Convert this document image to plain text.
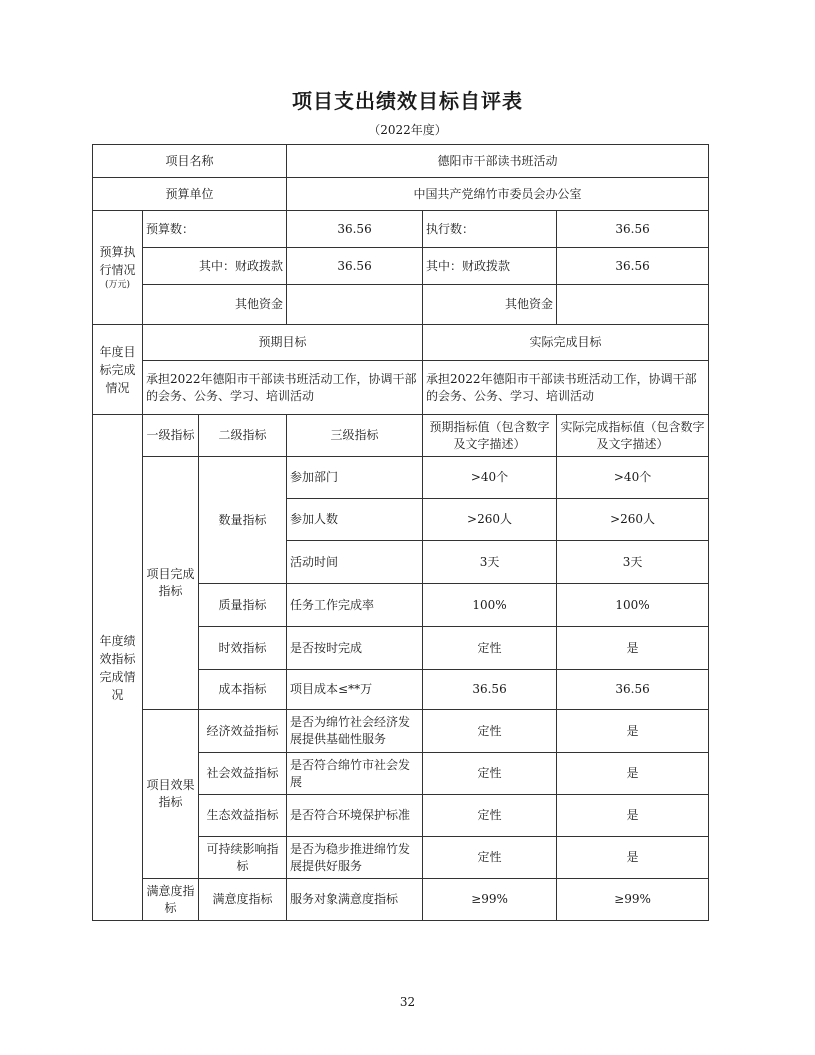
项目支出绩效目标自评表
（2022年度）
项目名称			德阳市干部读书班活动		
预算单位			中国共产党绵竹市委员会办公室		

预算执行情况
(万元)	预算数：		36.56	执行数：	36.56
	其中：财政拨款		36.56	其中：财政拨款	36.56
	其他资金			其他资金	
年度目标完成情况	预期目标			实际完成目标	
	承担2022年德阳市干部读书班活动工作，协调干部的会务、公务、学习、培训活动			承担2022年德阳市干部读书班活动工作，协调干部的会务、公务、学习、培训活动	
年度绩效指标完成情况	一级指标	二级指标	三级指标	预期指标值（包含数字及文字描述）	实际完成指标值（包含数字及文字描述）
	项目完成指标	数量指标	参加部门	>40个	>40个
			参加人数	>260人	>260人
			活动时间	3天	3天
		质量指标	任务工作完成率	100%	100%
		时效指标	是否按时完成	定性	是
		成本指标	项目成本≤**万	36.56	36.56
	项目效果指标	经济效益指标	是否为绵竹社会经济发展提供基础性服务	定性	是
		社会效益指标	是否符合绵竹市社会发展	定性	是
		生态效益指标	是否符合环境保护标准	定性	是
		可持续影响指标	是否为稳步推进绵竹发展提供好服务	定性	是
	满意度指标	满意度指标	服务对象满意度指标	≥99%	≥99%
32
